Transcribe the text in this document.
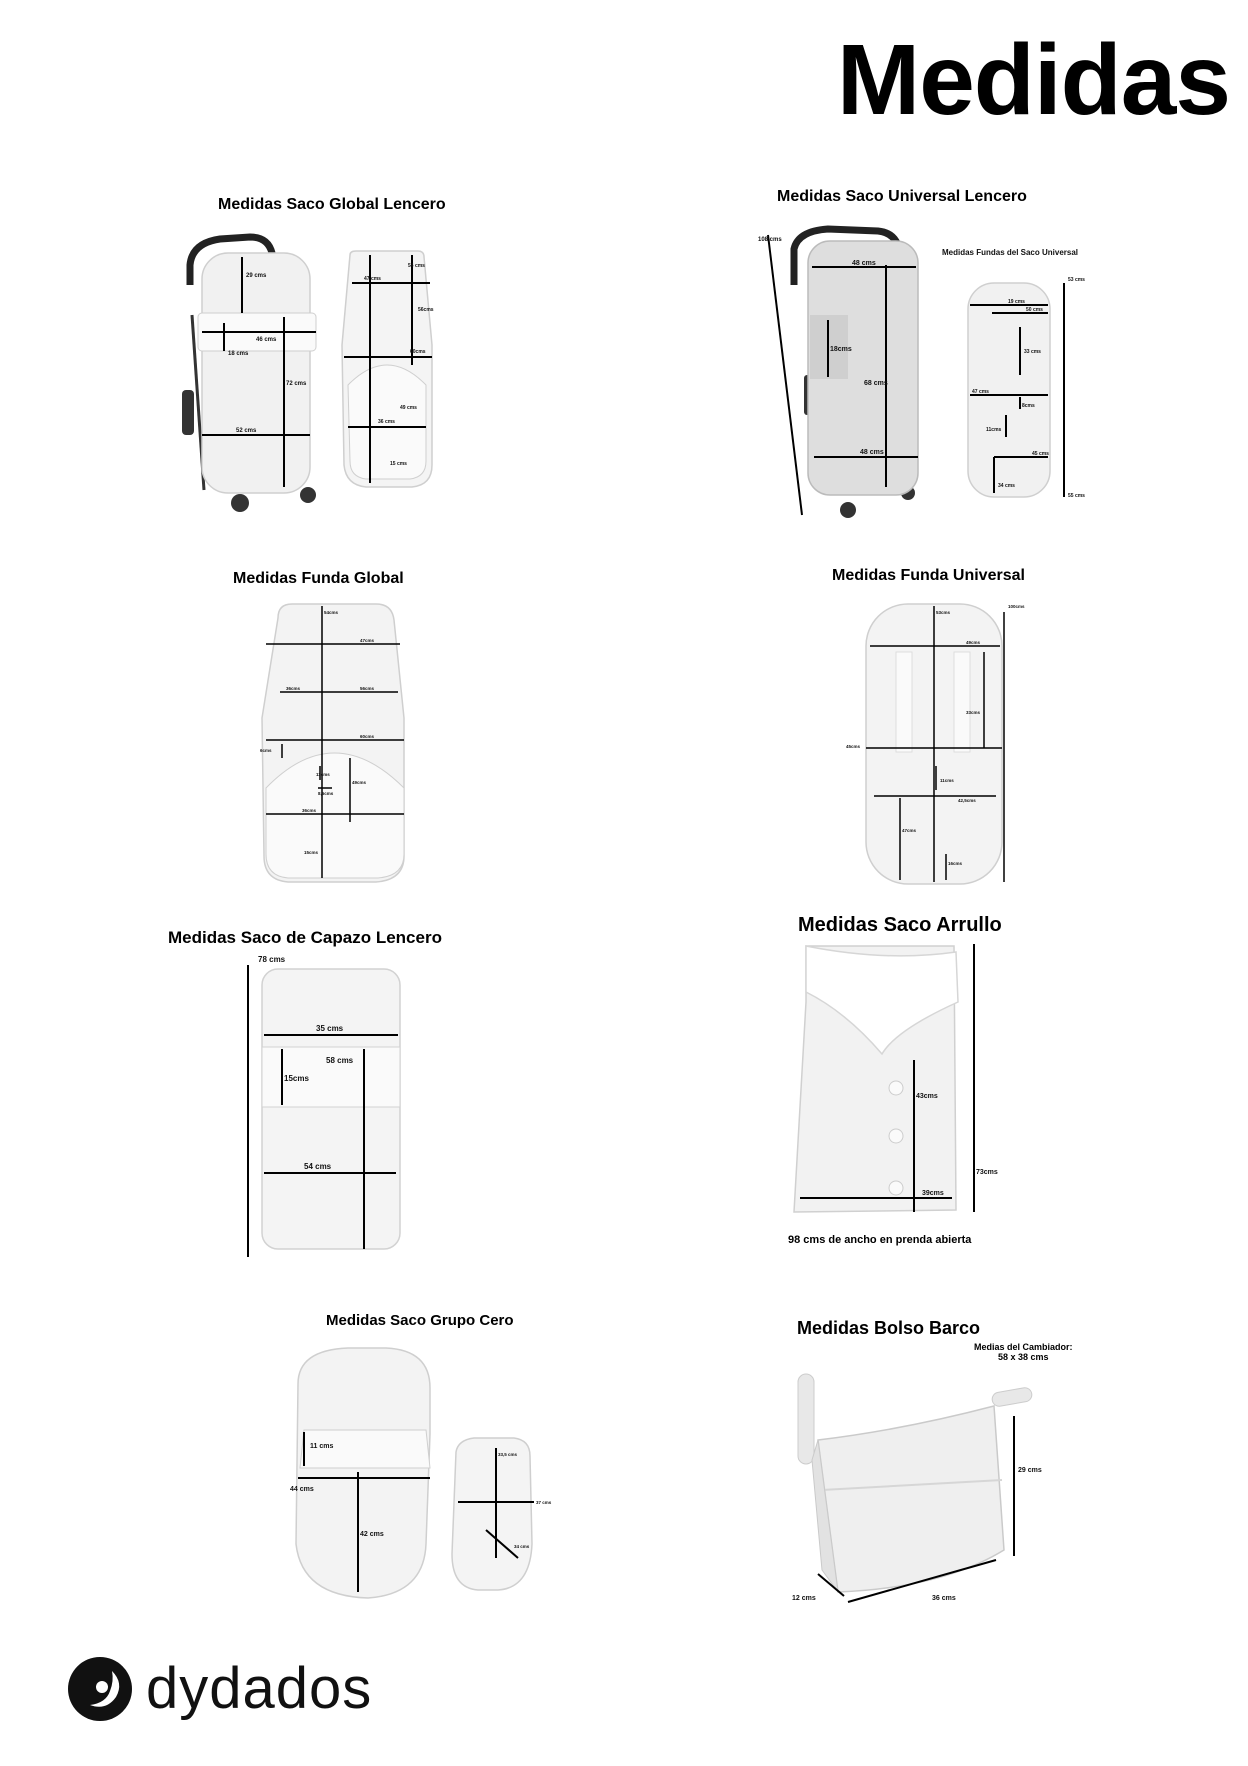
Medidas
Medidas Saco Global Lencero
29 cms
46 cms
18 cms
72 cms
52 cms
54 cms
47 cms
56cms
60cms
49 cms
36 cms
15 cms
Medidas Saco Universal Lencero
108 cms
48 cms
18cms
68 cms
48 cms
Medidas Fundas del Saco Universal
53 cms
19 cms
50 cms
33 cms
47 cms
8cms
11cms
45 cms
34 cms
55 cms
Medidas Funda Global
54cms
47cms
36cms	56cms
60cms
6cms
11cms
8,5cms
49cms
36cms
15cms
Medidas Funda Universal
100cms
53cms
49cms
33cms
45cms
11cms
42,5cms
47cms
16cms
Medidas Saco de Capazo Lencero
78 cms
35 cms
58 cms
15cms
54 cms
Medidas Saco Arrullo
43cms
73cms
39cms
98 cms de ancho en prenda abierta
Medidas Saco Grupo Cero
11 cms
44 cms
42 cms
33,5 cms
37 cms
34 cms
Medidas Bolso Barco
Medias del Cambiador:
58 x 38 cms
29 cms
12 cms	36 cms
dydados
